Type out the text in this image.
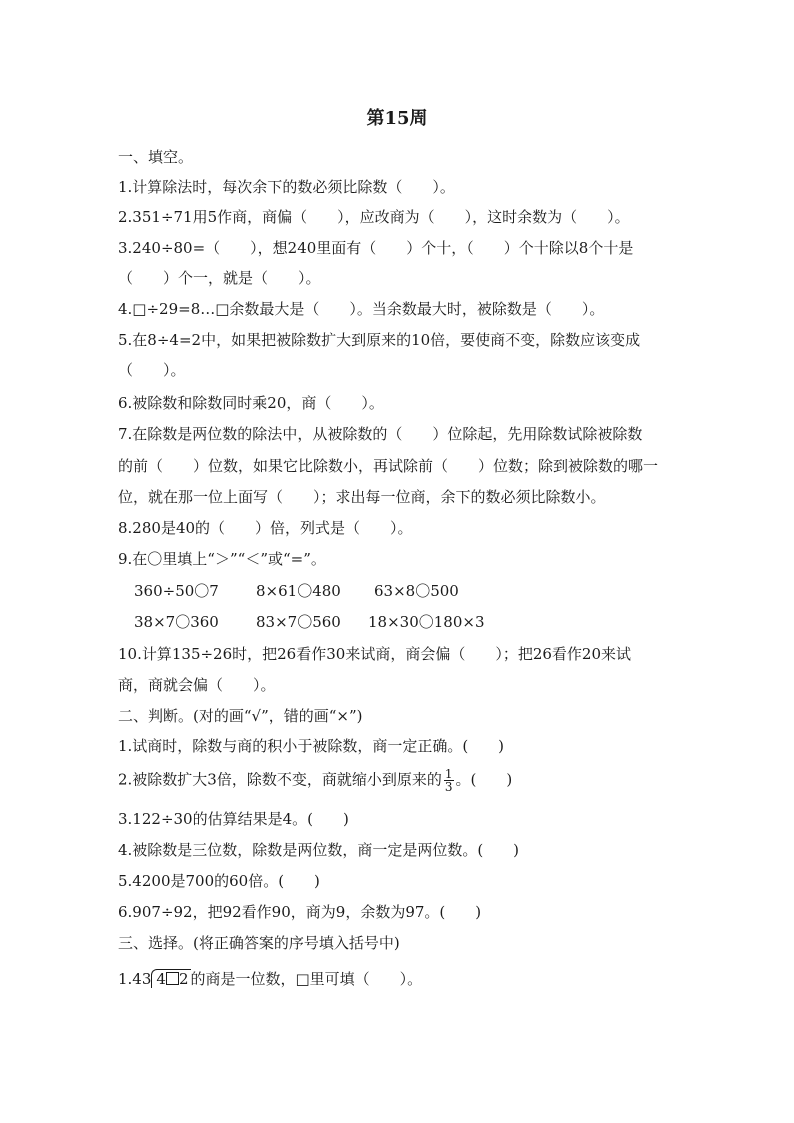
第15周
一、填空。
1.计算除法时，每次余下的数必须比除数（　　）。
2.351÷71用5作商，商偏（　　），应改商为（　　），这时余数为（　　）。
3.240÷80=（　　），想240里面有（　　）个十，（　　）个十除以8个十是
（　　）个一，就是（　　）。
4.□÷29=8…□余数最大是（　　）。当余数最大时，被除数是（　　）。
5.在8÷4=2中，如果把被除数扩大到原来的10倍，要使商不变，除数应该变成
（　　）。
6.被除数和除数同时乘20，商（　　）。
7.在除数是两位数的除法中，从被除数的（　　）位除起，先用除数试除被除数
的前（　　）位数，如果它比除数小，再试除前（　　）位数；除到被除数的哪一
位，就在那一位上面写（　　）；求出每一位商，余下的数必须比除数小。
8.280是40的（　　）倍，列式是（　　）。
9.在〇里填上“＞”“＜”或“=”。
360÷50〇7 8×61〇480 63×8〇500
38×7〇360 83×7〇560 18×30〇180×3
10.计算135÷26时，把26看作30来试商，商会偏（　　）；把26看作20来试
商，商就会偏（　　）。
二、判断。(对的画“√”，错的画“×”)
1.试商时，除数与商的积小于被除数，商一定正确。(　　)
2.被除数扩大3倍，除数不变，商就缩小到原来的 $\frac{1}{3}$ 。(　　)
3.122÷30的估算结果是4。(　　)
4.被除数是三位数，除数是两位数，商一定是两位数。(　　)
5.4200是700的60倍。(　　)
6.907÷92，把92看作90，商为9，余数为97。(　　)
三、选择。(将正确答案的序号填入括号中)
1.43 4 2 的商是一位数，□里可填（　　）。
